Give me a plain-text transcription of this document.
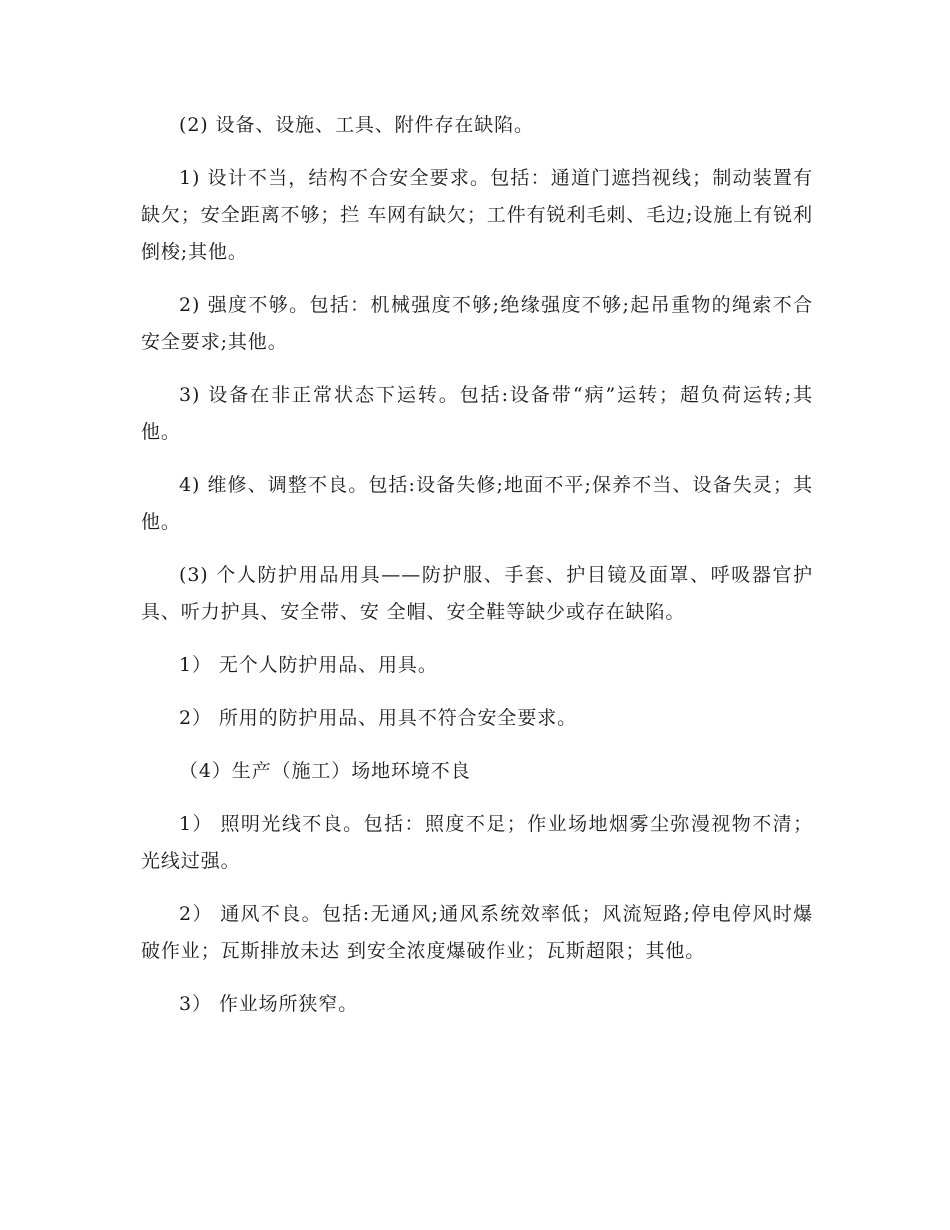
(2) 设备、设施、工具、附件存在缺陷。

1) 设计不当，结构不合安全要求。包括：通道门遮挡视线；制动装置有缺欠；安全距离不够；拦 车网有缺欠；工件有锐利毛刺、毛边;设施上有锐利倒梭;其他。

2) 强度不够。包括：机械强度不够;绝缘强度不够;起吊重物的绳索不合安全要求;其他。

3) 设备在非正常状态下运转。包括:设备带“病”运转；超负荷运转;其他。

4) 维修、调整不良。包括:设备失修;地面不平;保养不当、设备失灵；其他。

(3) 个人防护用品用具——防护服、手套、护目镜及面罩、呼吸器官护具、听力护具、安全带、安 全帽、安全鞋等缺少或存在缺陷。

1） 无个人防护用品、用具。

2） 所用的防护用品、用具不符合安全要求。

（4）生产（施工）场地环境不良

1） 照明光线不良。包括：照度不足；作业场地烟雾尘弥漫视物不清；光线过强。

2） 通风不良。包括:无通风;通风系统效率低；风流短路;停电停风时爆破作业；瓦斯排放未达 到安全浓度爆破作业；瓦斯超限；其他。

3） 作业场所狭窄。
